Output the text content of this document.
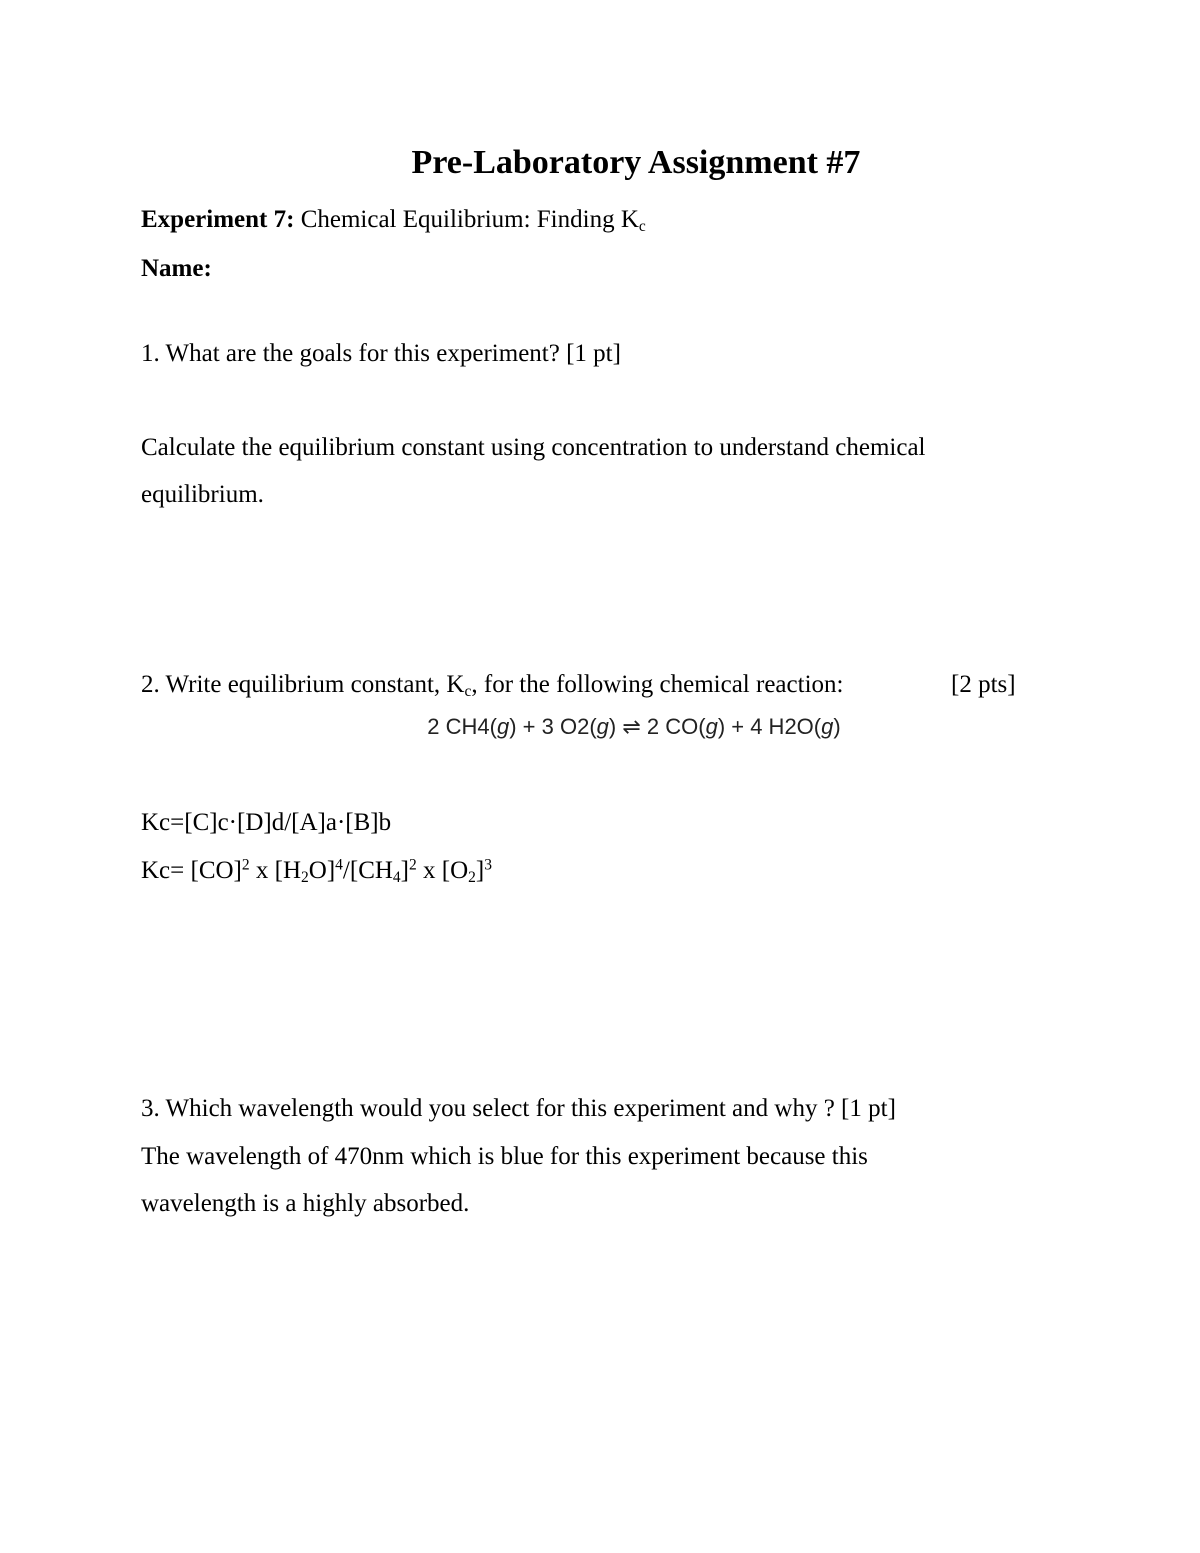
Pre-Laboratory Assignment #7
Experiment 7: Chemical Equilibrium: Finding $K_c$
Name:
1. What are the goals for this experiment? [1 pt]
Calculate the equilibrium constant using concentration to understand chemical
equilibrium.
2. Write equilibrium constant, $K_c$, for the following chemical reaction:	[2 pts]
2 CH4(g) + 3 O2(g) ⇌ 2 CO(g) + 4 H2O(g)
Kc=[C]c·[D]d/[A]a·[B]b
Kc= [CO]$^2$ x $[H_2O]^4/[CH_4]^2$ x $[O_2]^3$
3. Which wavelength would you select for this experiment and why ? [1 pt]
The wavelength of 470nm which is blue for this experiment because this
wavelength is a highly absorbed.
